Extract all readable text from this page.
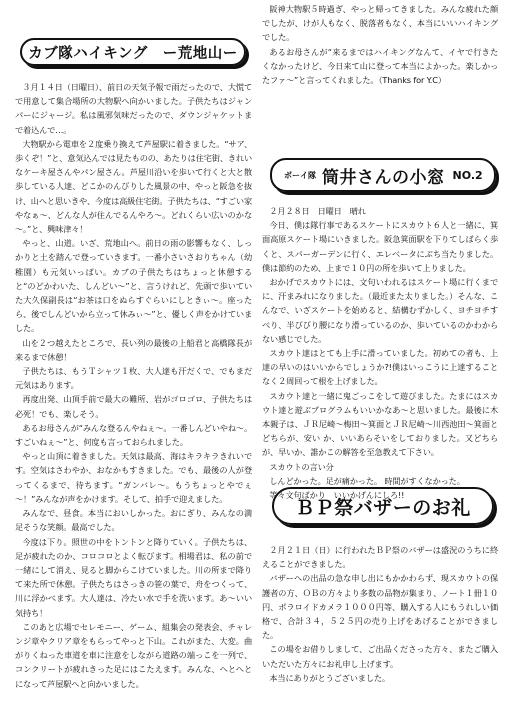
カブ隊ハイキング　ー荒地山ー

３月１４日（日曜日）、前日の天気予報で雨だったので、大慌てで用意して集合場所の大物駅へ向かいました。子供たちはジャンパーにジャージ。私は風邪気味だったので、ダウンジャケットまで着込んで…。

大物駅から電車を２度乗り換えて芦屋駅に着きました。“サア、歩くぞ！”と、意気込んでは見たものの、あたりは住宅街、きれいなケーキ屋さんやパン屋さん。芦屋川沿いを歩いて行くと大と散歩している人達、どこかのんびりした風景の中、やっと阪急を抜け、山へと思いきや、今度は高級住宅街。子供たちは、“すごい家やなぁ～、どんな人が住んでるんやろ～。どれくらい広いのかな～。”と、興味津々！

やっと、山道。いざ、荒地山へ。前日の雨の影響もなく、しっかりと土を踏んで登っていきます。一番小さいさおりちゃん（幼稚園）も元気いっぱい。カブの子供たちはちょっと休憩すると“のどかわいた、しんどい～”と、言うけれど、先頭で歩いていた大久保副長は“お茶は口をぬらすぐらいにしときぃ～。座ったら、後でしんどいから立って休みぃ～”と、優しく声をかけていました。

山を２つ越えたところで、長い列の最後の上船君と高橋隊長が来るまで休憩！

子供たちは、もうＴシャツ１枚、大人達も汗だくで、でもまだ元気はあります。

再度出発、山頂手前で最大の難所、岩がゴロゴロ、子供たちは必死！でも、楽しそう。

あるお母さんが“みんな登るんやねぇ～。一番しんどいやね～。すごいねぇ～”と、何度も言っておられました。

やっと山頂に着きました。天気は最高、海はキラキラきれいです。空気はさわやか、おなかもすきました。でも、最後の人が登ってくるまで、待ちます。“ガンバレ～。もうちょっとやでぇ～！”みんなが声をかけます。そして、拍手で迎えました。

みんなで、昼食。本当においしかった。おにぎり、みんなの満足そうな笑顔。最高でした。

今度は下り。照世の中をトントンと降りていく。子供たちは、足が疲れたのか、コロコロとよく転びます。相場君は、私の前で一緒にして消え、見ると脚からこけていました。川の所まで降りて来た所で休憩。子供たちはさっきの笹の葉で、舟をつくって、川に浮かべます。大人達は、冷たい水で手を洗います。あ～いい気持ち！

このあと広場でセレモニー、ゲーム、組集会の発表会、チャレンジ章やクリア章をもらってやっと下山。これがまた、大変。曲がりくねった車道を車に注意をしながら道路の端っこを一列で、コンクリートが疲れきった足にはこたえます。みんな、へとへとになって芦屋駅へと向かいました。

阪神大物駅５時過ぎ、やっと帰ってきました。みんな疲れた顔でしたが、けが人もなく、脱落者もなく、本当にいいハイキングでした。

あるお母さんが“来るまではハイキングなんて、イヤで行きたくなかったけど、今日来て山に登って本当によかった。楽しかったファ～”と言ってくれました。（Thanks for Y.C）

ボーイ隊 筒井さんの小窓 NO.2

２月２８日　日曜日　晴れ

今日、僕は隊行事であるスケートにスカウト６人と一緒に、箕面高原スケート場にいきました。阪急箕面駅を下りてしばらく歩くと、スパーガーデンに行く、エレベータにぶち当たりました。僕は節約のため、上まで１０円の所を歩いて上りました。

おかげでスカウトには、文句いわれるはスケート場に行くまでに、汗まみれになりました。（最近また太りました。）そんな、こんなで、いざスケートを始めると、結構むずかしく、ヨチヨチすべり、半びびり腰になり滑っているのか、歩いているのかわからない感じでした。

スカウト達はとても上手に滑っていました。初めての者も、上達の早いのはいいからでしょうか?!僕はいっこうに上達することなく２周回って根を上げました。

スカウト達と一緒に鬼ごっこをして遊びました。たまにはスカウト達と遊ぶプログラムもいいかなあ～と思いました。最後に木本親子は、ＪＲ尼崎～梅田～箕面とＪＲ尼崎～川西池田～箕面とどちらが、安い か、いいあらそいをしておりました。又どちらが、早いか、誰かこの解答を至急教えて下さい。

スカウトの言い分

しんどかった。足が痛かった。 時間がすくなかった。

等々文句ばかり　いいかげんにしろ!!

ＢＰ祭バザーのお礼

２月２１日（日）に行われたＢＰ祭のバザーは盛況のうちに終えることができました。

バザーへの出品の急な申し出にもかかわらず、現スカウトの保護者の方、ＯＢの方々より多数の品物が集まり、ノート１冊１０円、ポラロイドカメラ１０００円等、購入する人にもうれしい価格で、合計３４，５２５円の売り上げをあげることができました。

この場をお借りしまして、ご出品くださった方々、またご購入いただいた方々にお礼申し上げます。

本当にありがとうございました。
